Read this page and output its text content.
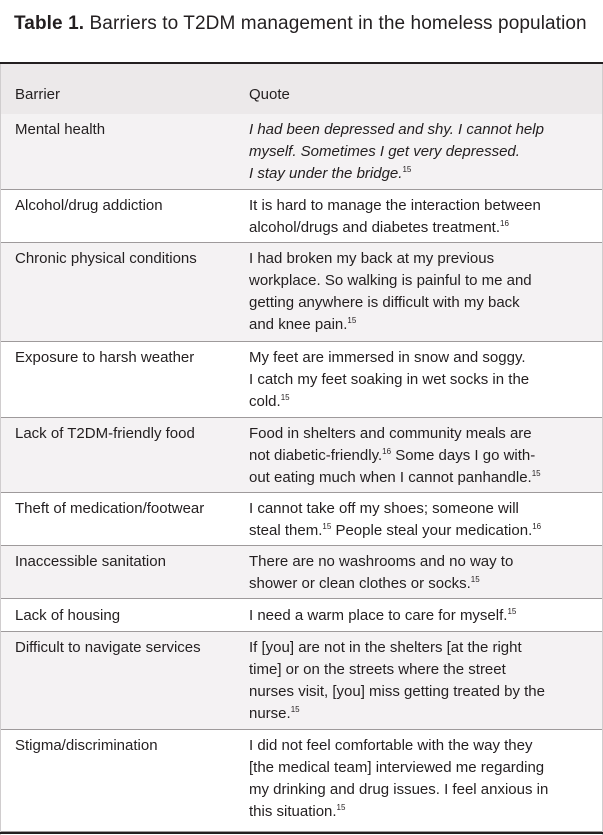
Table 1. Barriers to T2DM management in the homeless population
Barrier	Quote
Mental health	I had been depressed and shy. I cannot help
myself. Sometimes I get very depressed.
I stay under the bridge.$^{15}$
Alcohol/drug addiction	It is hard to manage the interaction between
alcohol/drugs and diabetes treatment.$^{16}$
Chronic physical conditions	I had broken my back at my previous
workplace. So walking is painful to me and
getting anywhere is difficult with my back
and knee pain.$^{15}$
Exposure to harsh weather	My feet are immersed in snow and soggy.
I catch my feet soaking in wet socks in the
cold.$^{15}$
Lack of T2DM-friendly food	Food in shelters and community meals are
not diabetic-friendly.$^{16}$ Some days I go with-
out eating much when I cannot panhandle.$^{15}$
Theft of medication/footwear	I cannot take off my shoes; someone will
steal them.$^{15}$ People steal your medication.$^{16}$
Inaccessible sanitation	There are no washrooms and no way to
shower or clean clothes or socks.$^{15}$
Lack of housing	I need a warm place to care for myself.$^{15}$
Difficult to navigate services	If [you] are not in the shelters [at the right
time] or on the streets where the street
nurses visit, [you] miss getting treated by the
nurse.$^{15}$
Stigma/discrimination	I did not feel comfortable with the way they
[the medical team] interviewed me regarding
my drinking and drug issues. I feel anxious in
this situation.$^{15}$
